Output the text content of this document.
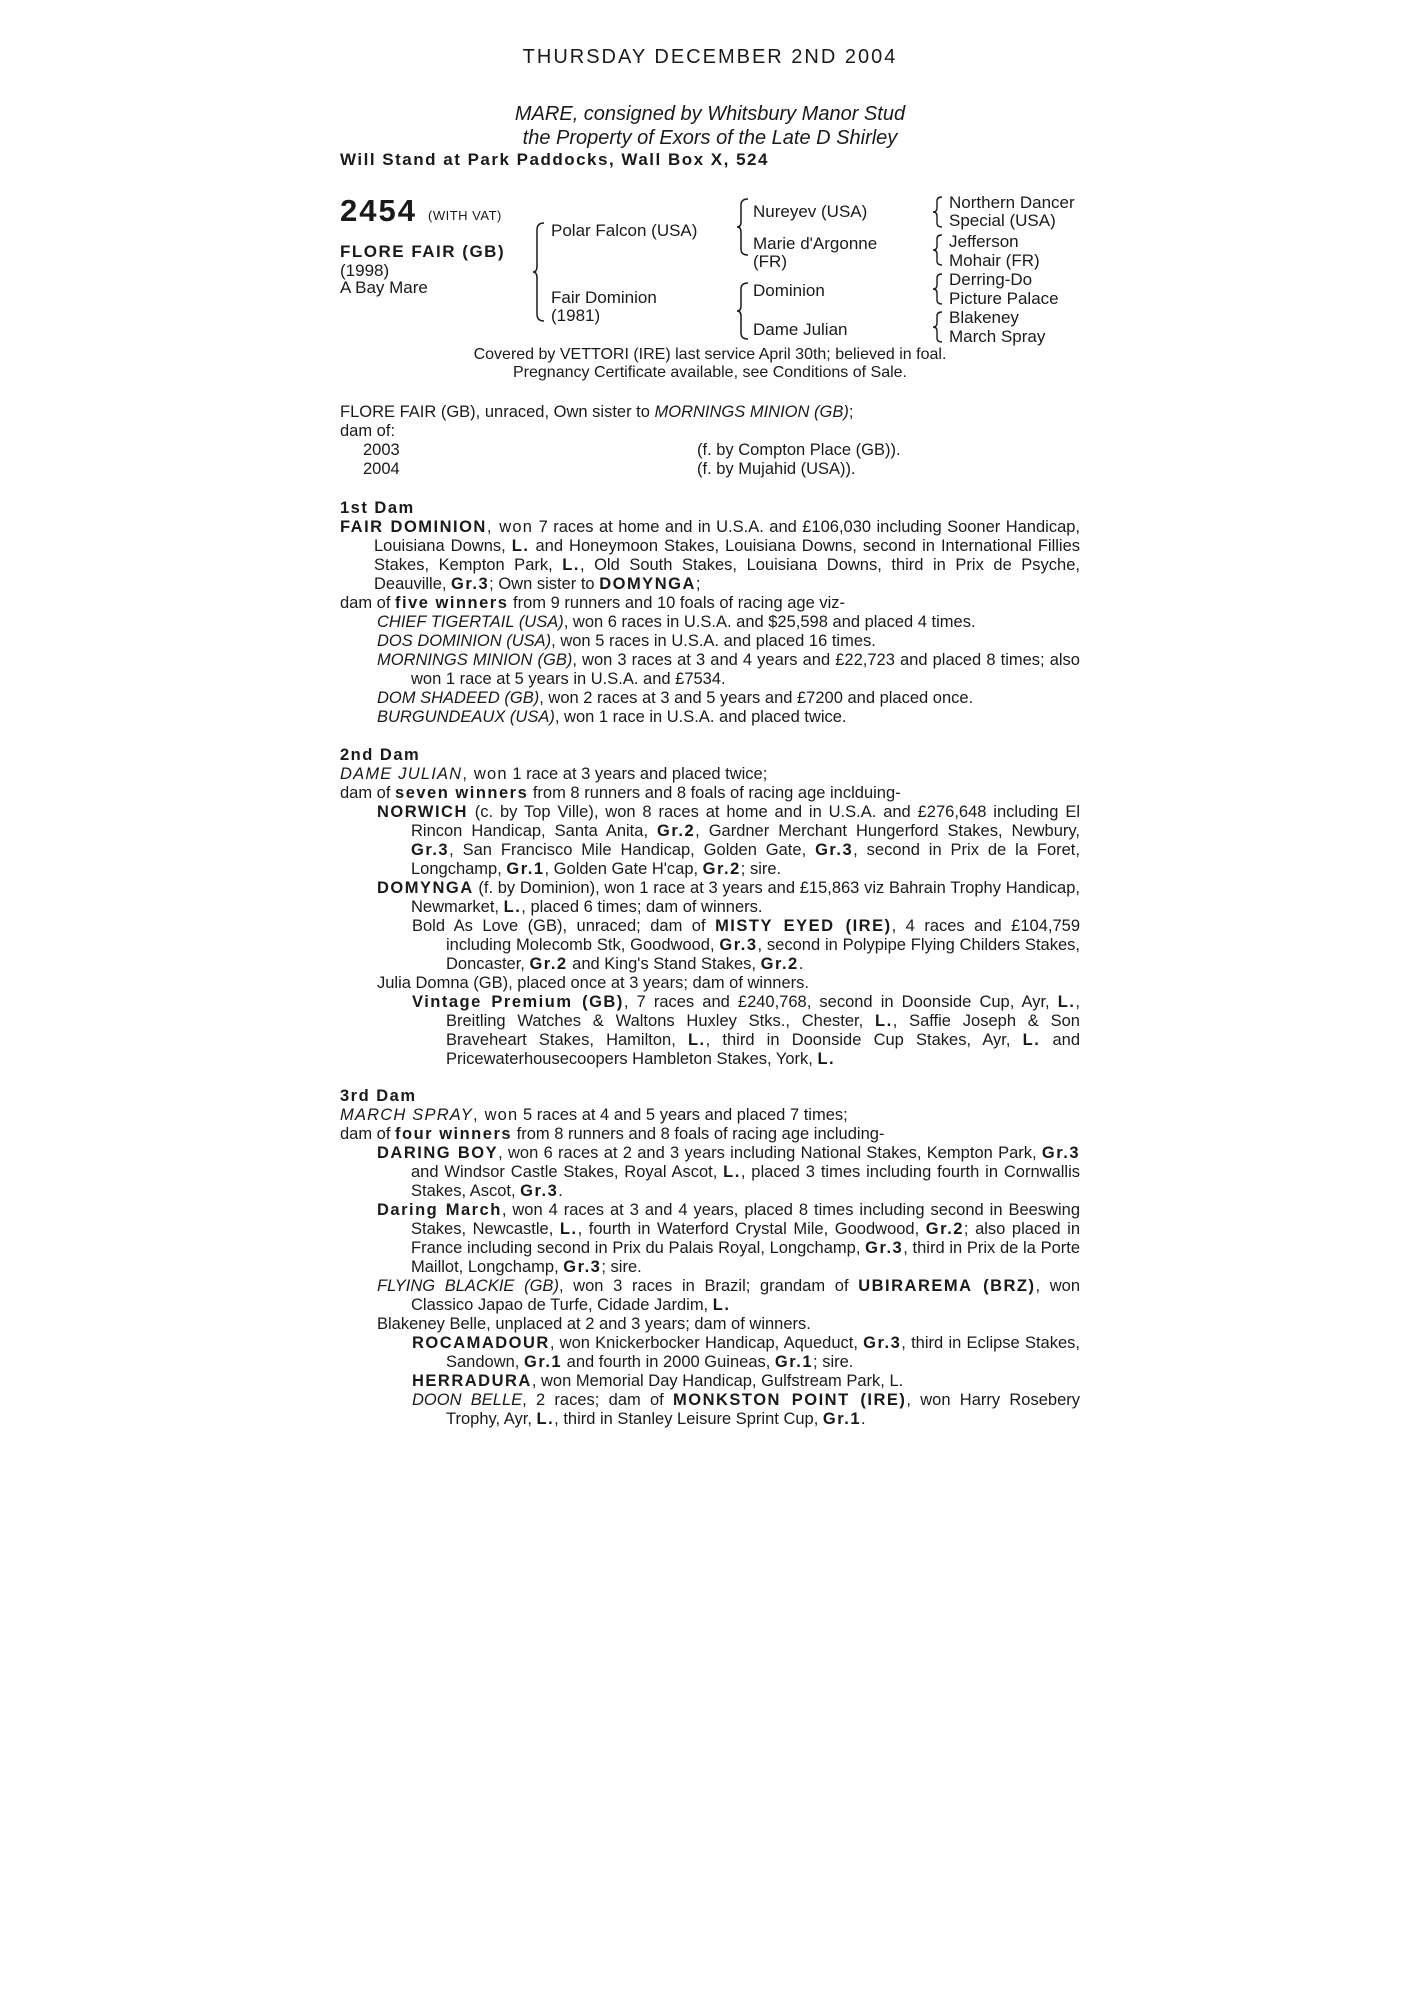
THURSDAY DECEMBER 2ND 2004
MARE, consigned by Whitsbury Manor Stud
the Property of Exors of the Late D Shirley
Will Stand at Park Paddocks, Wall Box X, 524
2454 (WITH VAT)
FLORE FAIR (GB)
(1998)
A Bay Mare
Polar Falcon (USA)
Fair Dominion
(1981)
Nureyev (USA)
Marie d'Argonne
(FR)
Dominion
Dame Julian
Northern Dancer
Special (USA)
Jefferson
Mohair (FR)
Derring-Do
Picture Palace
Blakeney
March Spray
Covered by VETTORI (IRE) last service April 30th; believed in foal.
Pregnancy Certificate available, see Conditions of Sale.
FLORE FAIR (GB), unraced, Own sister to MORNINGS MINION (GB);
dam of:
2003	(f. by Compton Place (GB)).
2004	(f. by Mujahid (USA)).
1st Dam
FAIR DOMINION, won 7 races at home and in U.S.A. and £106,030 including Sooner Handicap, Louisiana Downs, L. and Honeymoon Stakes, Louisiana Downs, second in International Fillies Stakes, Kempton Park, L., Old South Stakes, Louisiana Downs, third in Prix de Psyche, Deauville, Gr.3; Own sister to DOMYNGA;
dam of five winners from 9 runners and 10 foals of racing age viz-
CHIEF TIGERTAIL (USA), won 6 races in U.S.A. and $25,598 and placed 4 times.
DOS DOMINION (USA), won 5 races in U.S.A. and placed 16 times.
MORNINGS MINION (GB), won 3 races at 3 and 4 years and £22,723 and placed 8 times; also won 1 race at 5 years in U.S.A. and £7534.
DOM SHADEED (GB), won 2 races at 3 and 5 years and £7200 and placed once.
BURGUNDEAUX (USA), won 1 race in U.S.A. and placed twice.
2nd Dam
DAME JULIAN, won 1 race at 3 years and placed twice;
dam of seven winners from 8 runners and 8 foals of racing age inclduing-
NORWICH (c. by Top Ville), won 8 races at home and in U.S.A. and £276,648 including El Rincon Handicap, Santa Anita, Gr.2, Gardner Merchant Hungerford Stakes, Newbury, Gr.3, San Francisco Mile Handicap, Golden Gate, Gr.3, second in Prix de la Foret, Longchamp, Gr.1, Golden Gate H'cap, Gr.2; sire.
DOMYNGA (f. by Dominion), won 1 race at 3 years and £15,863 viz Bahrain Trophy Handicap, Newmarket, L., placed 6 times; dam of winners.
Bold As Love (GB), unraced; dam of MISTY EYED (IRE), 4 races and £104,759 including Molecomb Stk, Goodwood, Gr.3, second in Polypipe Flying Childers Stakes, Doncaster, Gr.2 and King's Stand Stakes, Gr.2.
Julia Domna (GB), placed once at 3 years; dam of winners.
Vintage Premium (GB), 7 races and £240,768, second in Doonside Cup, Ayr, L., Breitling Watches & Waltons Huxley Stks., Chester, L., Saffie Joseph & Son Braveheart Stakes, Hamilton, L., third in Doonside Cup Stakes, Ayr, L. and Pricewaterhousecoopers Hambleton Stakes, York, L.
3rd Dam
MARCH SPRAY, won 5 races at 4 and 5 years and placed 7 times;
dam of four winners from 8 runners and 8 foals of racing age including-
DARING BOY, won 6 races at 2 and 3 years including National Stakes, Kempton Park, Gr.3 and Windsor Castle Stakes, Royal Ascot, L., placed 3 times including fourth in Cornwallis Stakes, Ascot, Gr.3.
Daring March, won 4 races at 3 and 4 years, placed 8 times including second in Beeswing Stakes, Newcastle, L., fourth in Waterford Crystal Mile, Goodwood, Gr.2; also placed in France including second in Prix du Palais Royal, Longchamp, Gr.3, third in Prix de la Porte Maillot, Longchamp, Gr.3; sire.
FLYING BLACKIE (GB), won 3 races in Brazil; grandam of UBIRAREMA (BRZ), won Classico Japao de Turfe, Cidade Jardim, L.
Blakeney Belle, unplaced at 2 and 3 years; dam of winners.
ROCAMADOUR, won Knickerbocker Handicap, Aqueduct, Gr.3, third in Eclipse Stakes, Sandown, Gr.1 and fourth in 2000 Guineas, Gr.1; sire.
HERRADURA, won Memorial Day Handicap, Gulfstream Park, L.
DOON BELLE, 2 races; dam of MONKSTON POINT (IRE), won Harry Rosebery Trophy, Ayr, L., third in Stanley Leisure Sprint Cup, Gr.1.
